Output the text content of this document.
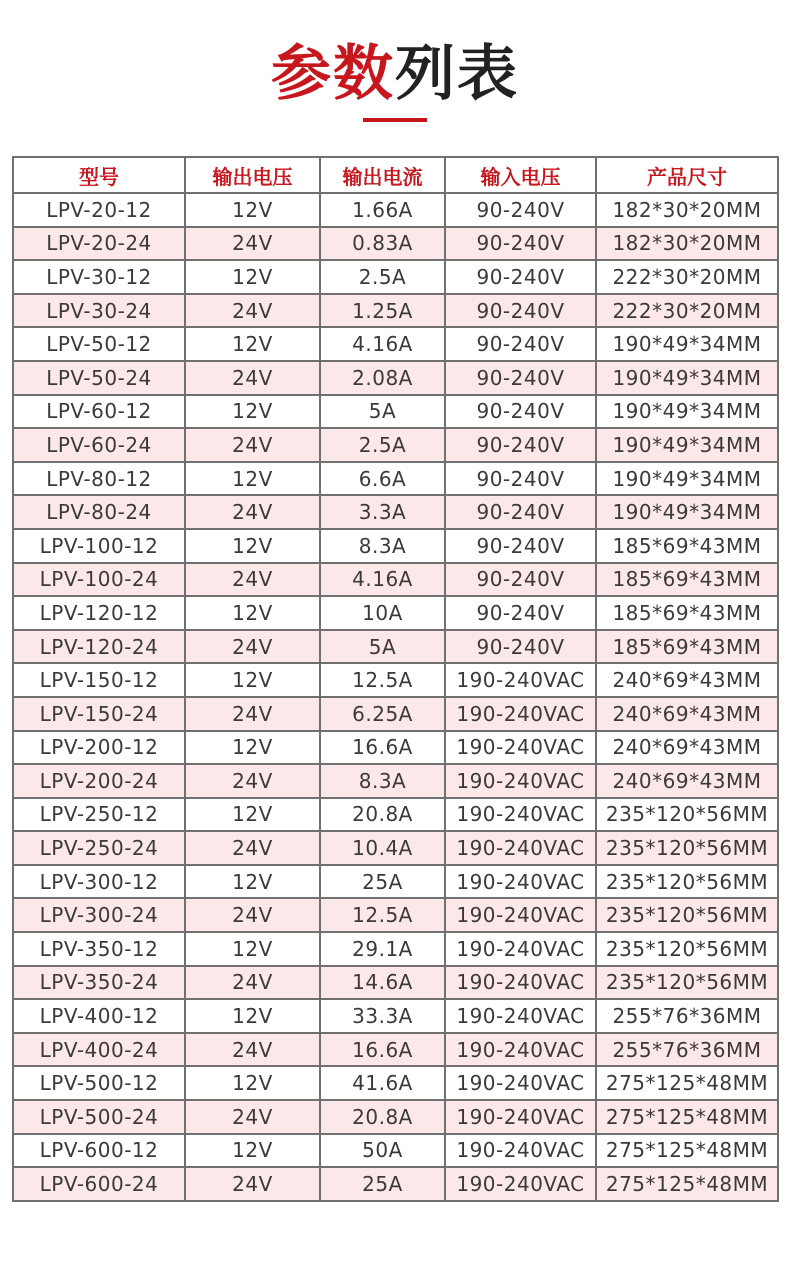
参数列表
型号	输出电压	输出电流	输入电压	产品尺寸
LPV-20-12	12V	1.66A	90-240V	182*30*20MM
LPV-20-24	24V	0.83A	90-240V	182*30*20MM
LPV-30-12	12V	2.5A	90-240V	222*30*20MM
LPV-30-24	24V	1.25A	90-240V	222*30*20MM
LPV-50-12	12V	4.16A	90-240V	190*49*34MM
LPV-50-24	24V	2.08A	90-240V	190*49*34MM
LPV-60-12	12V	5A	90-240V	190*49*34MM
LPV-60-24	24V	2.5A	90-240V	190*49*34MM
LPV-80-12	12V	6.6A	90-240V	190*49*34MM
LPV-80-24	24V	3.3A	90-240V	190*49*34MM
LPV-100-12	12V	8.3A	90-240V	185*69*43MM
LPV-100-24	24V	4.16A	90-240V	185*69*43MM
LPV-120-12	12V	10A	90-240V	185*69*43MM
LPV-120-24	24V	5A	90-240V	185*69*43MM
LPV-150-12	12V	12.5A	190-240VAC	240*69*43MM
LPV-150-24	24V	6.25A	190-240VAC	240*69*43MM
LPV-200-12	12V	16.6A	190-240VAC	240*69*43MM
LPV-200-24	24V	8.3A	190-240VAC	240*69*43MM
LPV-250-12	12V	20.8A	190-240VAC	235*120*56MM
LPV-250-24	24V	10.4A	190-240VAC	235*120*56MM
LPV-300-12	12V	25A	190-240VAC	235*120*56MM
LPV-300-24	24V	12.5A	190-240VAC	235*120*56MM
LPV-350-12	12V	29.1A	190-240VAC	235*120*56MM
LPV-350-24	24V	14.6A	190-240VAC	235*120*56MM
LPV-400-12	12V	33.3A	190-240VAC	255*76*36MM
LPV-400-24	24V	16.6A	190-240VAC	255*76*36MM
LPV-500-12	12V	41.6A	190-240VAC	275*125*48MM
LPV-500-24	24V	20.8A	190-240VAC	275*125*48MM
LPV-600-12	12V	50A	190-240VAC	275*125*48MM
LPV-600-24	24V	25A	190-240VAC	275*125*48MM
